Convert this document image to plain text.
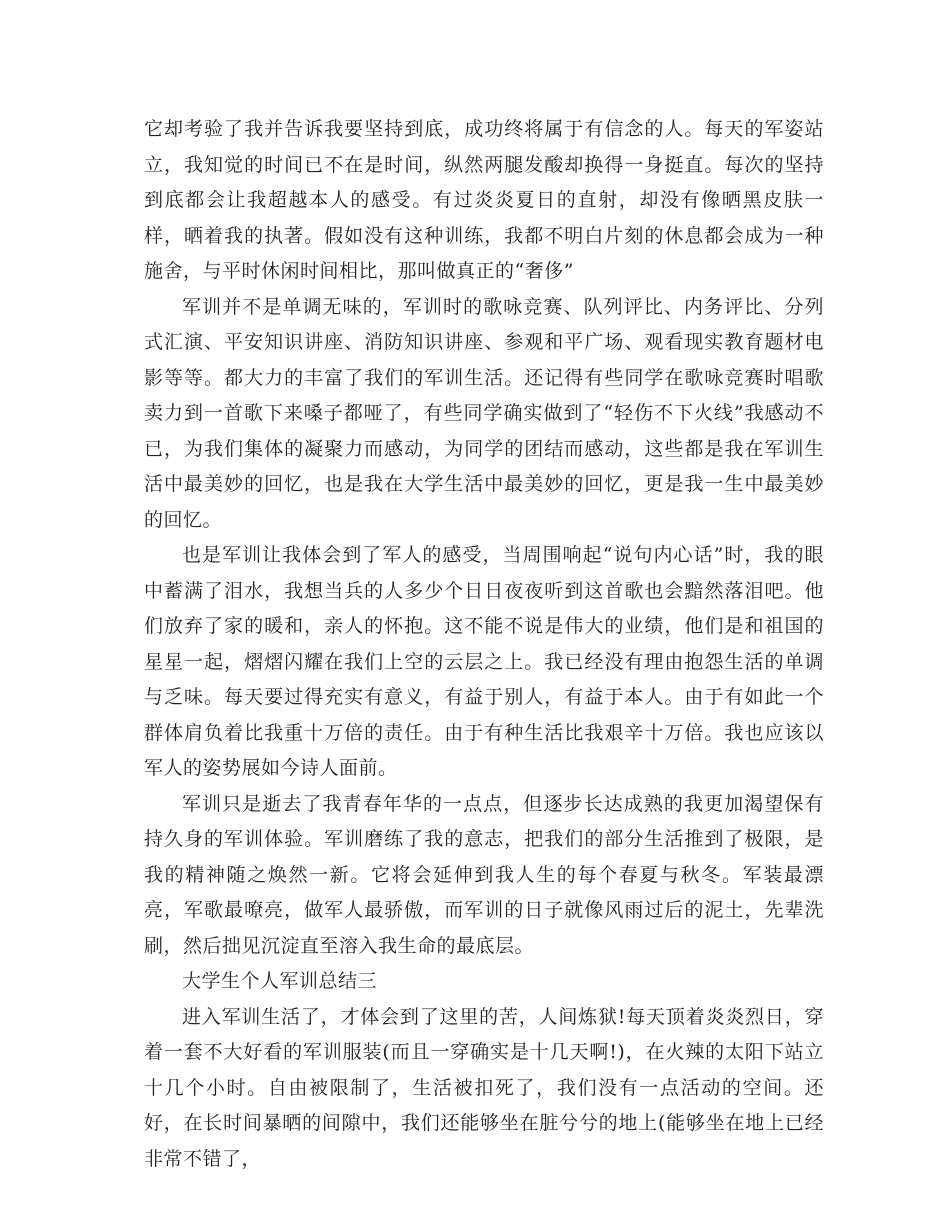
它却考验了我并告诉我要坚持到底，成功终将属于有信念的人。每天的军姿站立，我知觉的时间已不在是时间，纵然两腿发酸却换得一身挺直。每次的坚持到底都会让我超越本人的感受。有过炎炎夏日的直射，却没有像晒黑皮肤一样，晒着我的执著。假如没有这种训练，我都不明白片刻的休息都会成为一种施舍，与平时休闲时间相比，那叫做真正的“奢侈”

军训并不是单调无味的，军训时的歌咏竞赛、队列评比、内务评比、分列式汇演、平安知识讲座、消防知识讲座、参观和平广场、观看现实教育题材电影等等。都大力的丰富了我们的军训生活。还记得有些同学在歌咏竞赛时唱歌卖力到一首歌下来嗓子都哑了，有些同学确实做到了“轻伤不下火线”我感动不已，为我们集体的凝聚力而感动，为同学的团结而感动，这些都是我在军训生活中最美妙的回忆，也是我在大学生活中最美妙的回忆，更是我一生中最美妙的回忆。

也是军训让我体会到了军人的感受，当周围响起“说句内心话”时，我的眼中蓄满了泪水，我想当兵的人多少个日日夜夜听到这首歌也会黯然落泪吧。他们放弃了家的暖和，亲人的怀抱。这不能不说是伟大的业绩，他们是和祖国的星星一起，熠熠闪耀在我们上空的云层之上。我已经没有理由抱怨生活的单调与乏味。每天要过得充实有意义，有益于别人，有益于本人。由于有如此一个群体肩负着比我重十万倍的责任。由于有种生活比我艰辛十万倍。我也应该以军人的姿势展如今诗人面前。

军训只是逝去了我青春年华的一点点，但逐步长达成熟的我更加渴望保有持久身的军训体验。军训磨练了我的意志，把我们的部分生活推到了极限，是我的精神随之焕然一新。它将会延伸到我人生的每个春夏与秋冬。军装最漂亮，军歌最嘹亮，做军人最骄傲，而军训的日子就像风雨过后的泥土，先辈洗刷，然后拙见沉淀直至溶入我生命的最底层。

大学生个人军训总结三

进入军训生活了，才体会到了这里的苦，人间炼狱!每天顶着炎炎烈日，穿着一套不大好看的军训服装(而且一穿确实是十几天啊!)，在火辣的太阳下站立十几个小时。自由被限制了，生活被扣死了，我们没有一点活动的空间。还好，在长时间暴晒的间隙中，我们还能够坐在脏兮兮的地上(能够坐在地上已经非常不错了，
